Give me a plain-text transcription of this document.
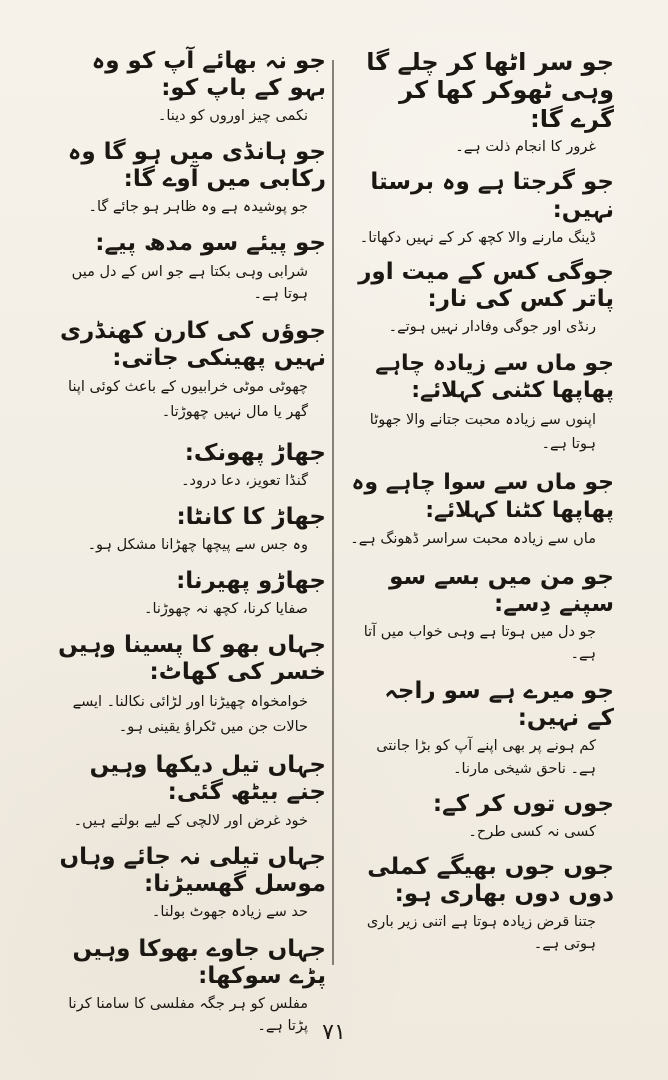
جو نہ بھائے آپ کو وہ بہو کے باپ کو:
نکمی چیز اوروں کو دینا۔
جو ہانڈی میں ہو گا وہ رکابی میں آوے گا:
جو پوشیدہ ہے وہ ظاہر ہو جائے گا۔
جو پیئے سو مدھ پیے:
شرابی وہی بکتا ہے جو اس کے دل میں ہوتا ہے۔
جوؤں کی کارن کھنڈری نہیں پھینکی جاتی:
چھوٹی موٹی خرابیوں کے باعث کوئی اپنا گھر یا مال نہیں چھوڑتا۔
جھاڑ پھونک:
گنڈا تعویز، دعا درود۔
جھاڑ کا کانٹا:
وہ جس سے پیچھا چھڑانا مشکل ہو۔
جھاڑو پھیرنا:
صفایا کرنا، کچھ نہ چھوڑنا۔
جہاں بھو کا پسینا وہیں خسر کی کھاٹ:
خوامخواہ چھیڑنا اور لڑائی نکالنا۔ ایسے حالات جن میں ٹکراؤ یقینی ہو۔
جہاں تیل دیکھا وہیں جنے بیٹھ گئی:
خود غرض اور لالچی کے لیے بولتے ہیں۔
جہاں تیلی نہ جائے وہاں موسل گھسیڑنا:
حد سے زیادہ جھوٹ بولنا۔
جہاں جاوے بھوکا وہیں پڑے سوکھا:
مفلس کو ہر جگہ مفلسی کا سامنا کرنا پڑتا ہے۔
جو سر اٹھا کر چلے گا وہی ٹھوکر کھا کر گرے گا:
غرور کا انجام ذلت ہے۔
جو گرجتا ہے وہ برستا نہیں:
ڈینگ مارنے والا کچھ کر کے نہیں دکھاتا۔
جوگی کس کے میت اور پاتر کس کی نار:
رنڈی اور جوگی وفادار نہیں ہوتے۔
جو ماں سے زیادہ چاہے پھاپھا کٹنی کہلائے:
اپنوں سے زیادہ محبت جتانے والا جھوٹا ہوتا ہے۔
جو ماں سے سوا چاہے وہ پھاپھا کٹنا کہلائے:
ماں سے زیادہ محبت سراسر ڈھونگ ہے۔
جو من میں بسے سو سپنے دِسے:
جو دل میں ہوتا ہے وہی خواب میں آتا ہے۔
جو میرے ہے سو راجہ کے نہیں:
کم ہونے پر بھی اپنے آپ کو بڑا جانتی ہے۔ ناحق شیخی مارنا۔
جوں توں کر کے:
کسی نہ کسی طرح۔
جوں جوں بھیگے کملی دوں دوں بھاری ہو:
جتنا قرض زیادہ ہوتا ہے اتنی زیر باری ہوتی ہے۔
۷۱
